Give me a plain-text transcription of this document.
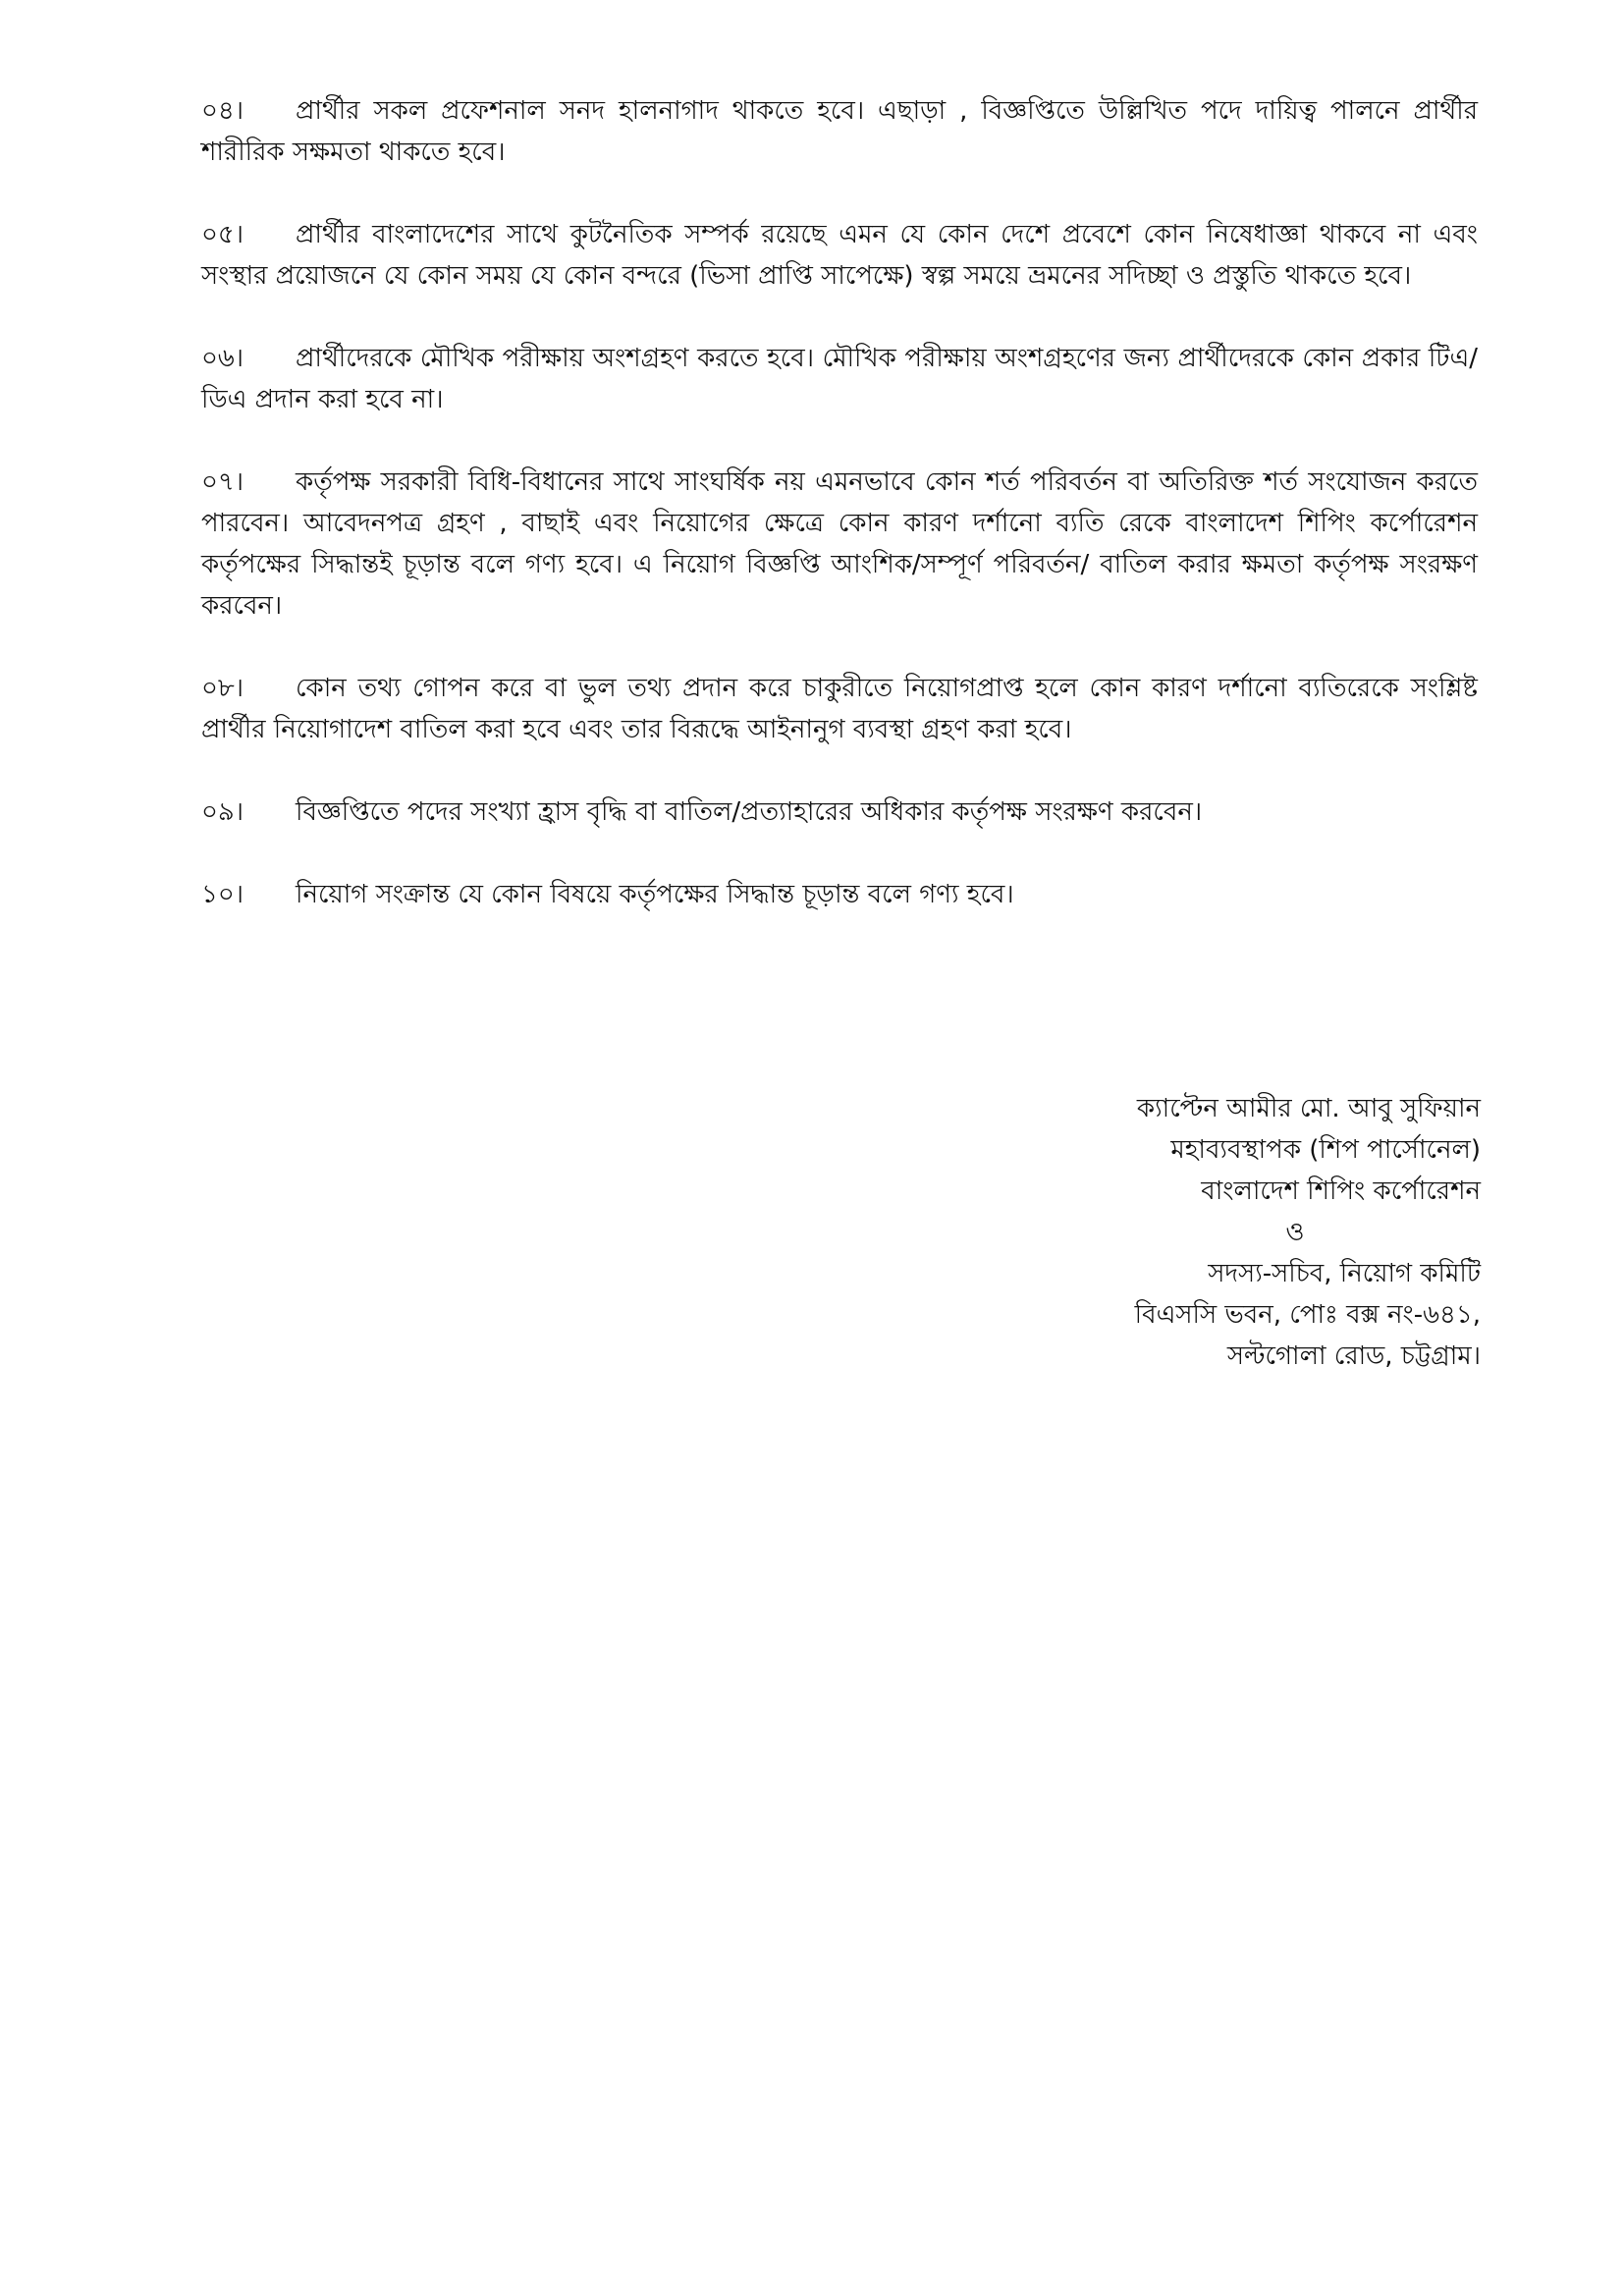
০৪। প্রার্থীর সকল প্রফেশনাল সনদ হালনাগাদ থাকতে হবে। এছাড়া , বিজ্ঞপ্তিতে উল্লিখিত পদে দায়িত্ব পালনে প্রার্থীর শারীরিক সক্ষমতা থাকতে হবে।
০৫। প্রার্থীর বাংলাদেশের সাথে কুটনৈতিক সম্পর্ক রয়েছে এমন যে কোন দেশে প্রবেশে কোন নিষেধাজ্ঞা থাকবে না এবং সংস্থার প্রয়োজনে যে কোন সময় যে কোন বন্দরে (ভিসা প্রাপ্তি সাপেক্ষে) স্বল্প সময়ে ভ্রমনের সদিচ্ছা ও প্রস্তুতি থাকতে হবে।
০৬। প্রার্থীদেরকে মৌখিক পরীক্ষায় অংশগ্রহণ করতে হবে। মৌখিক পরীক্ষায় অংশগ্রহণের জন্য প্রার্থীদেরকে কোন প্রকার টিএ/ডিএ প্রদান করা হবে না।
০৭। কর্তৃপক্ষ সরকারী বিধি-বিধানের সাথে সাংঘর্ষিক নয় এমনভাবে কোন শর্ত পরিবর্তন বা অতিরিক্ত শর্ত সংযোজন করতে পারবেন। আবেদনপত্র গ্রহণ , বাছাই এবং নিয়োগের ক্ষেত্রে কোন কারণ দর্শানো ব্যতি রেকে বাংলাদেশ শিপিং কর্পোরেশন কর্তৃপক্ষের সিদ্ধান্তই চূড়ান্ত বলে গণ্য হবে। এ নিয়োগ বিজ্ঞপ্তি আংশিক/সম্পূর্ণ পরিবর্তন/ বাতিল করার ক্ষমতা কর্তৃপক্ষ সংরক্ষণ করবেন।
০৮। কোন তথ্য গোপন করে বা ভুল তথ্য প্রদান করে চাকুরীতে নিয়োগপ্রাপ্ত হলে কোন কারণ দর্শানো ব্যতিরেকে সংশ্লিষ্ট প্রার্থীর নিয়োগাদেশ বাতিল করা হবে এবং তার বিরূদ্ধে আইনানুগ ব্যবস্থা গ্রহণ করা হবে।
০৯। বিজ্ঞপ্তিতে পদের সংখ্যা হ্রাস বৃদ্ধি বা বাতিল/প্রত্যাহারের অধিকার কর্তৃপক্ষ সংরক্ষণ করবেন।
১০। নিয়োগ সংক্রান্ত যে কোন বিষয়ে কর্তৃপক্ষের সিদ্ধান্ত চূড়ান্ত বলে গণ্য হবে।
ক্যাপ্টেন আমীর মো. আবু সুফিয়ান
মহাব্যবস্থাপক (শিপ পার্সোনেল)
বাংলাদেশ শিপিং কর্পোরেশন
ও
সদস্য-সচিব, নিয়োগ কমিটি
বিএসসি ভবন, পোঃ বক্স নং-৬৪১,
সল্টগোলা রোড, চট্টগ্রাম।
